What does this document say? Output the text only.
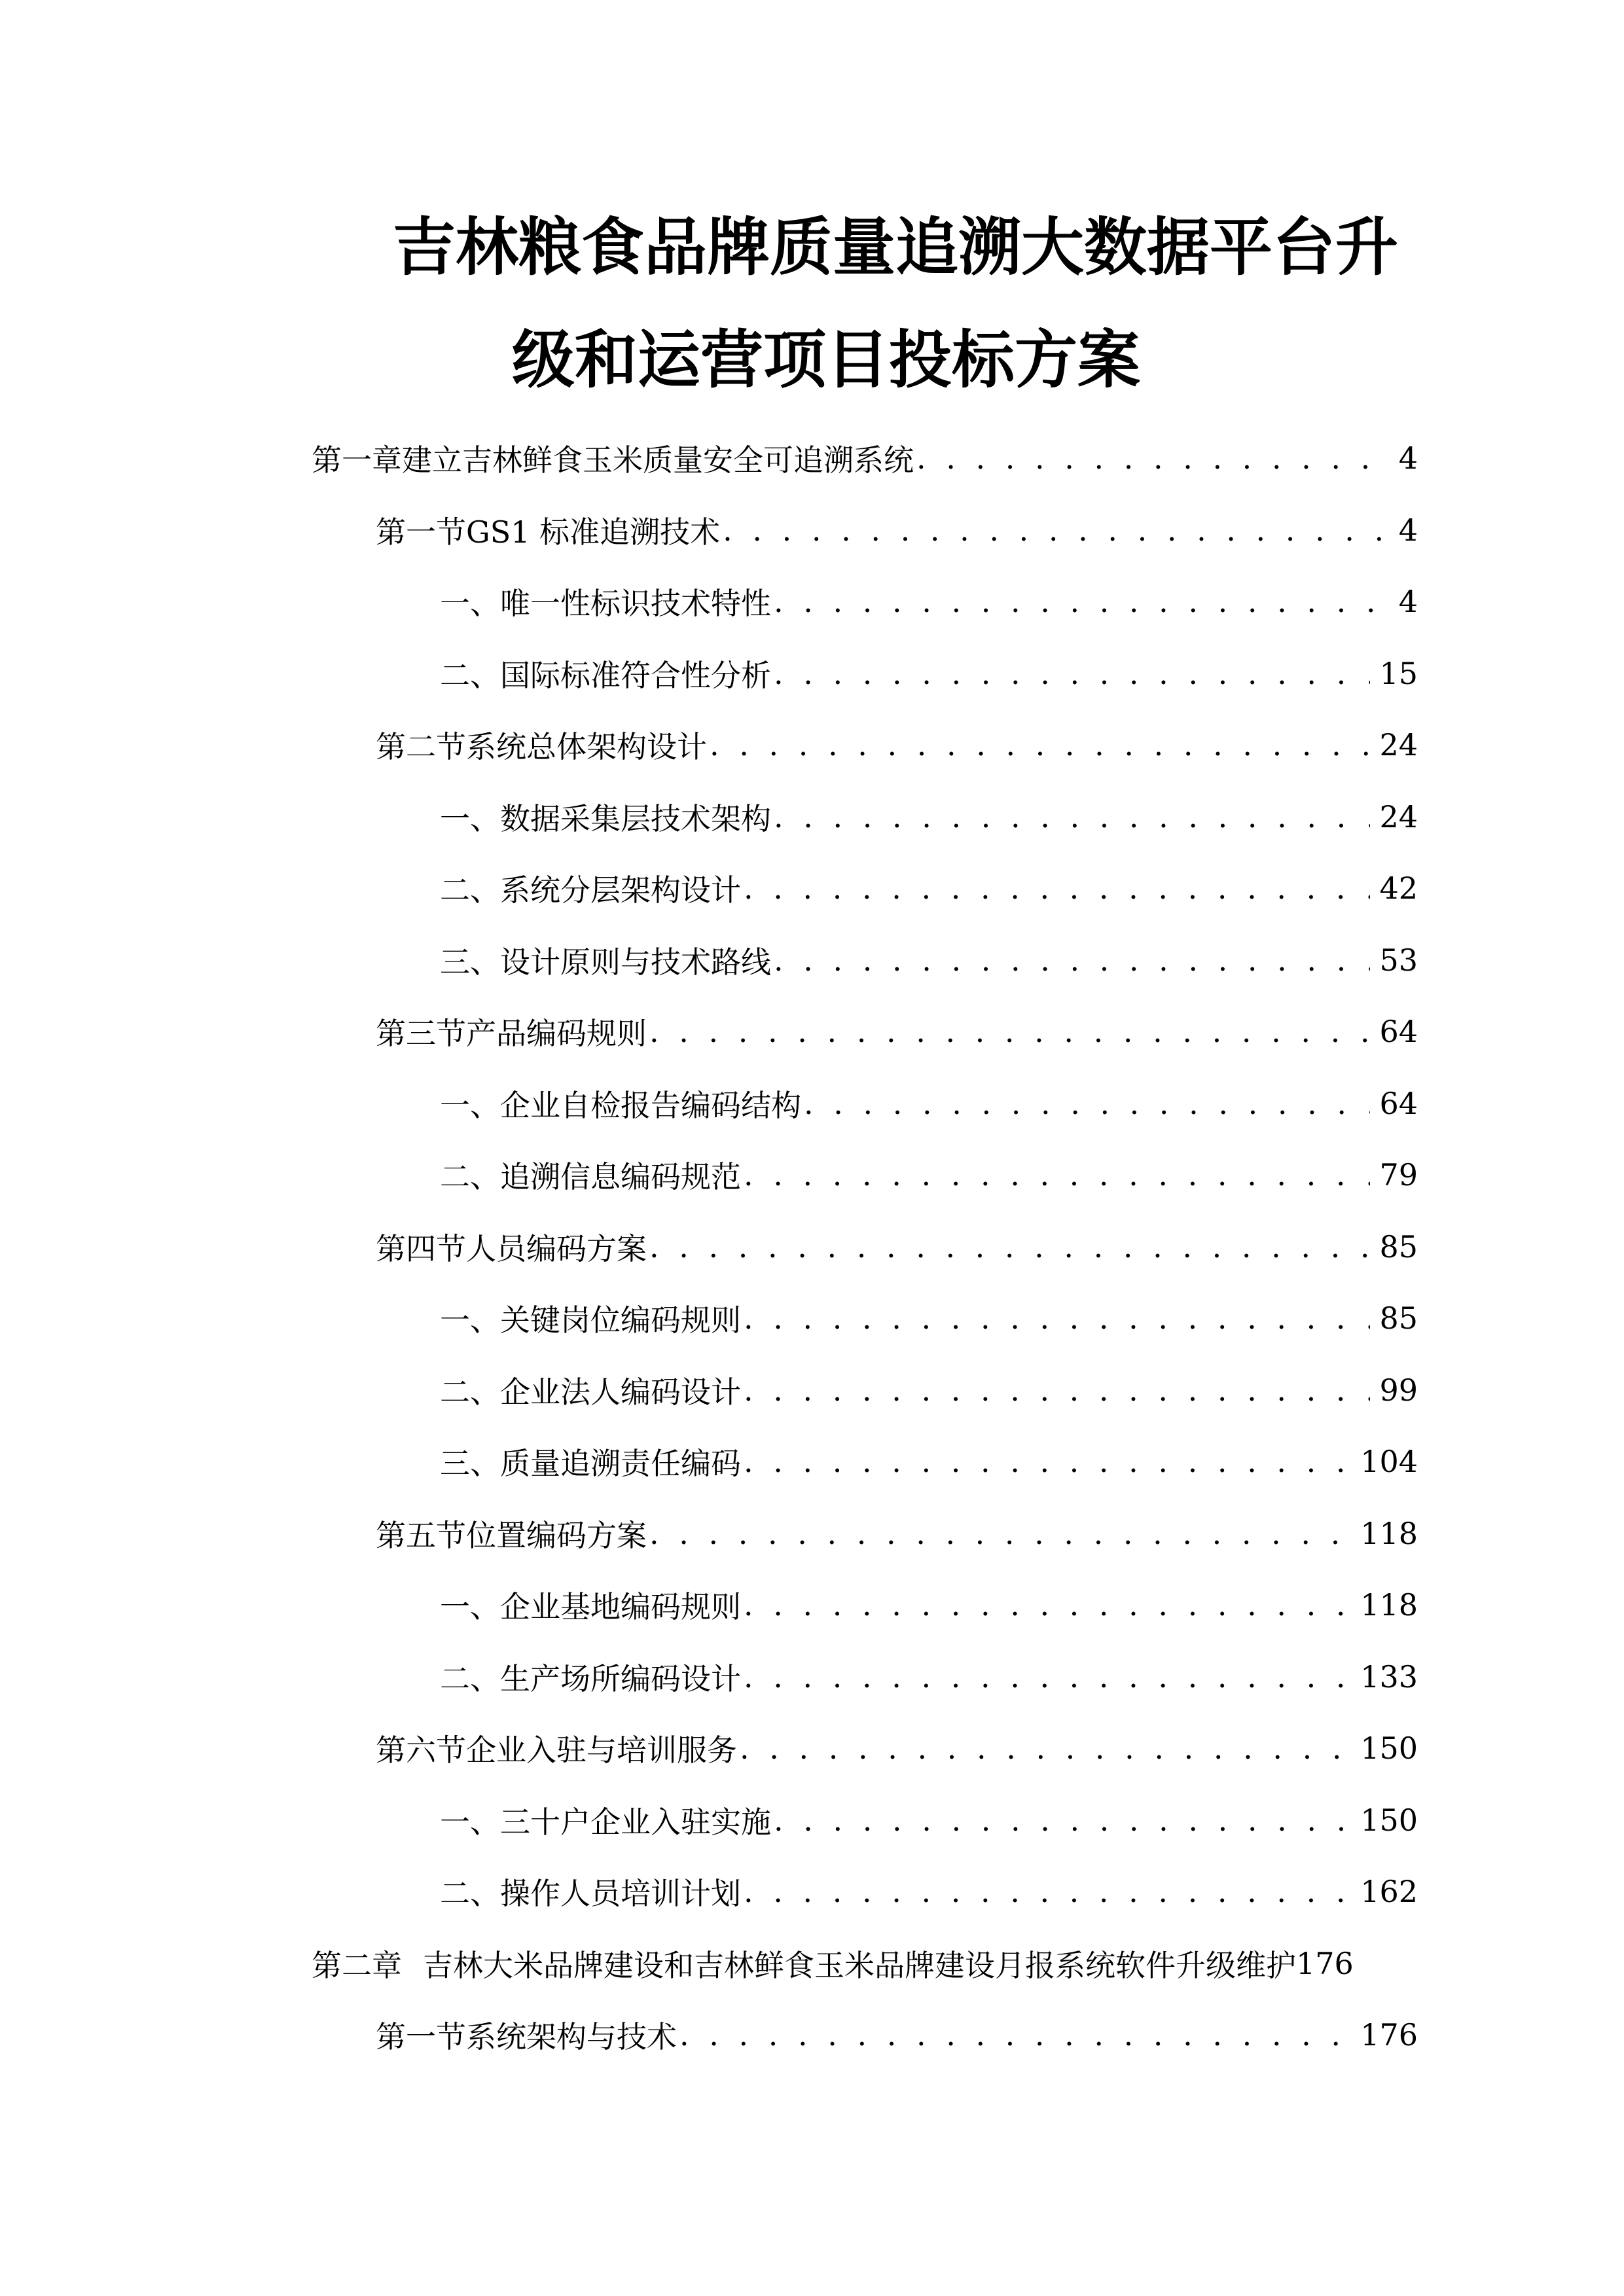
吉林粮食品牌质量追溯大数据平台升
级和运营项目投标方案
第一章 建立吉林鲜食玉米质量安全可追溯系统 . . .	4
第一节 GS1 标准追溯技术 . . .	4
一、 唯一性标识技术特性 . . .	4
二、 国际标准符合性分析 . . .	15
第二节 系统总体架构设计 . . .	24
一、 数据采集层技术架构 . . .	24
二、 系统分层架构设计 . . .	42
三、 设计原则与技术路线 . . .	53
第三节 产品编码规则 . . .	64
一、 企业自检报告编码结构 . . .	64
二、 追溯信息编码规范 . . .	79
第四节 人员编码方案 . . .	85
一、 关键岗位编码规则 . . .	85
二、 企业法人编码设计 . . .	99
三、 质量追溯责任编码 . . .	104
第五节 位置编码方案 . . .	118
一、 企业基地编码规则 . . .	118
二、 生产场所编码设计 . . .	133
第六节 企业入驻与培训服务 . . .	150
一、 三十户企业入驻实施 . . .	150
二、 操作人员培训计划 . . .	162
第二章 吉林大米品牌建设和吉林鲜食玉米品牌建设月报系统软件升级维护 176
第一节 系统架构与技术 . . .	176
